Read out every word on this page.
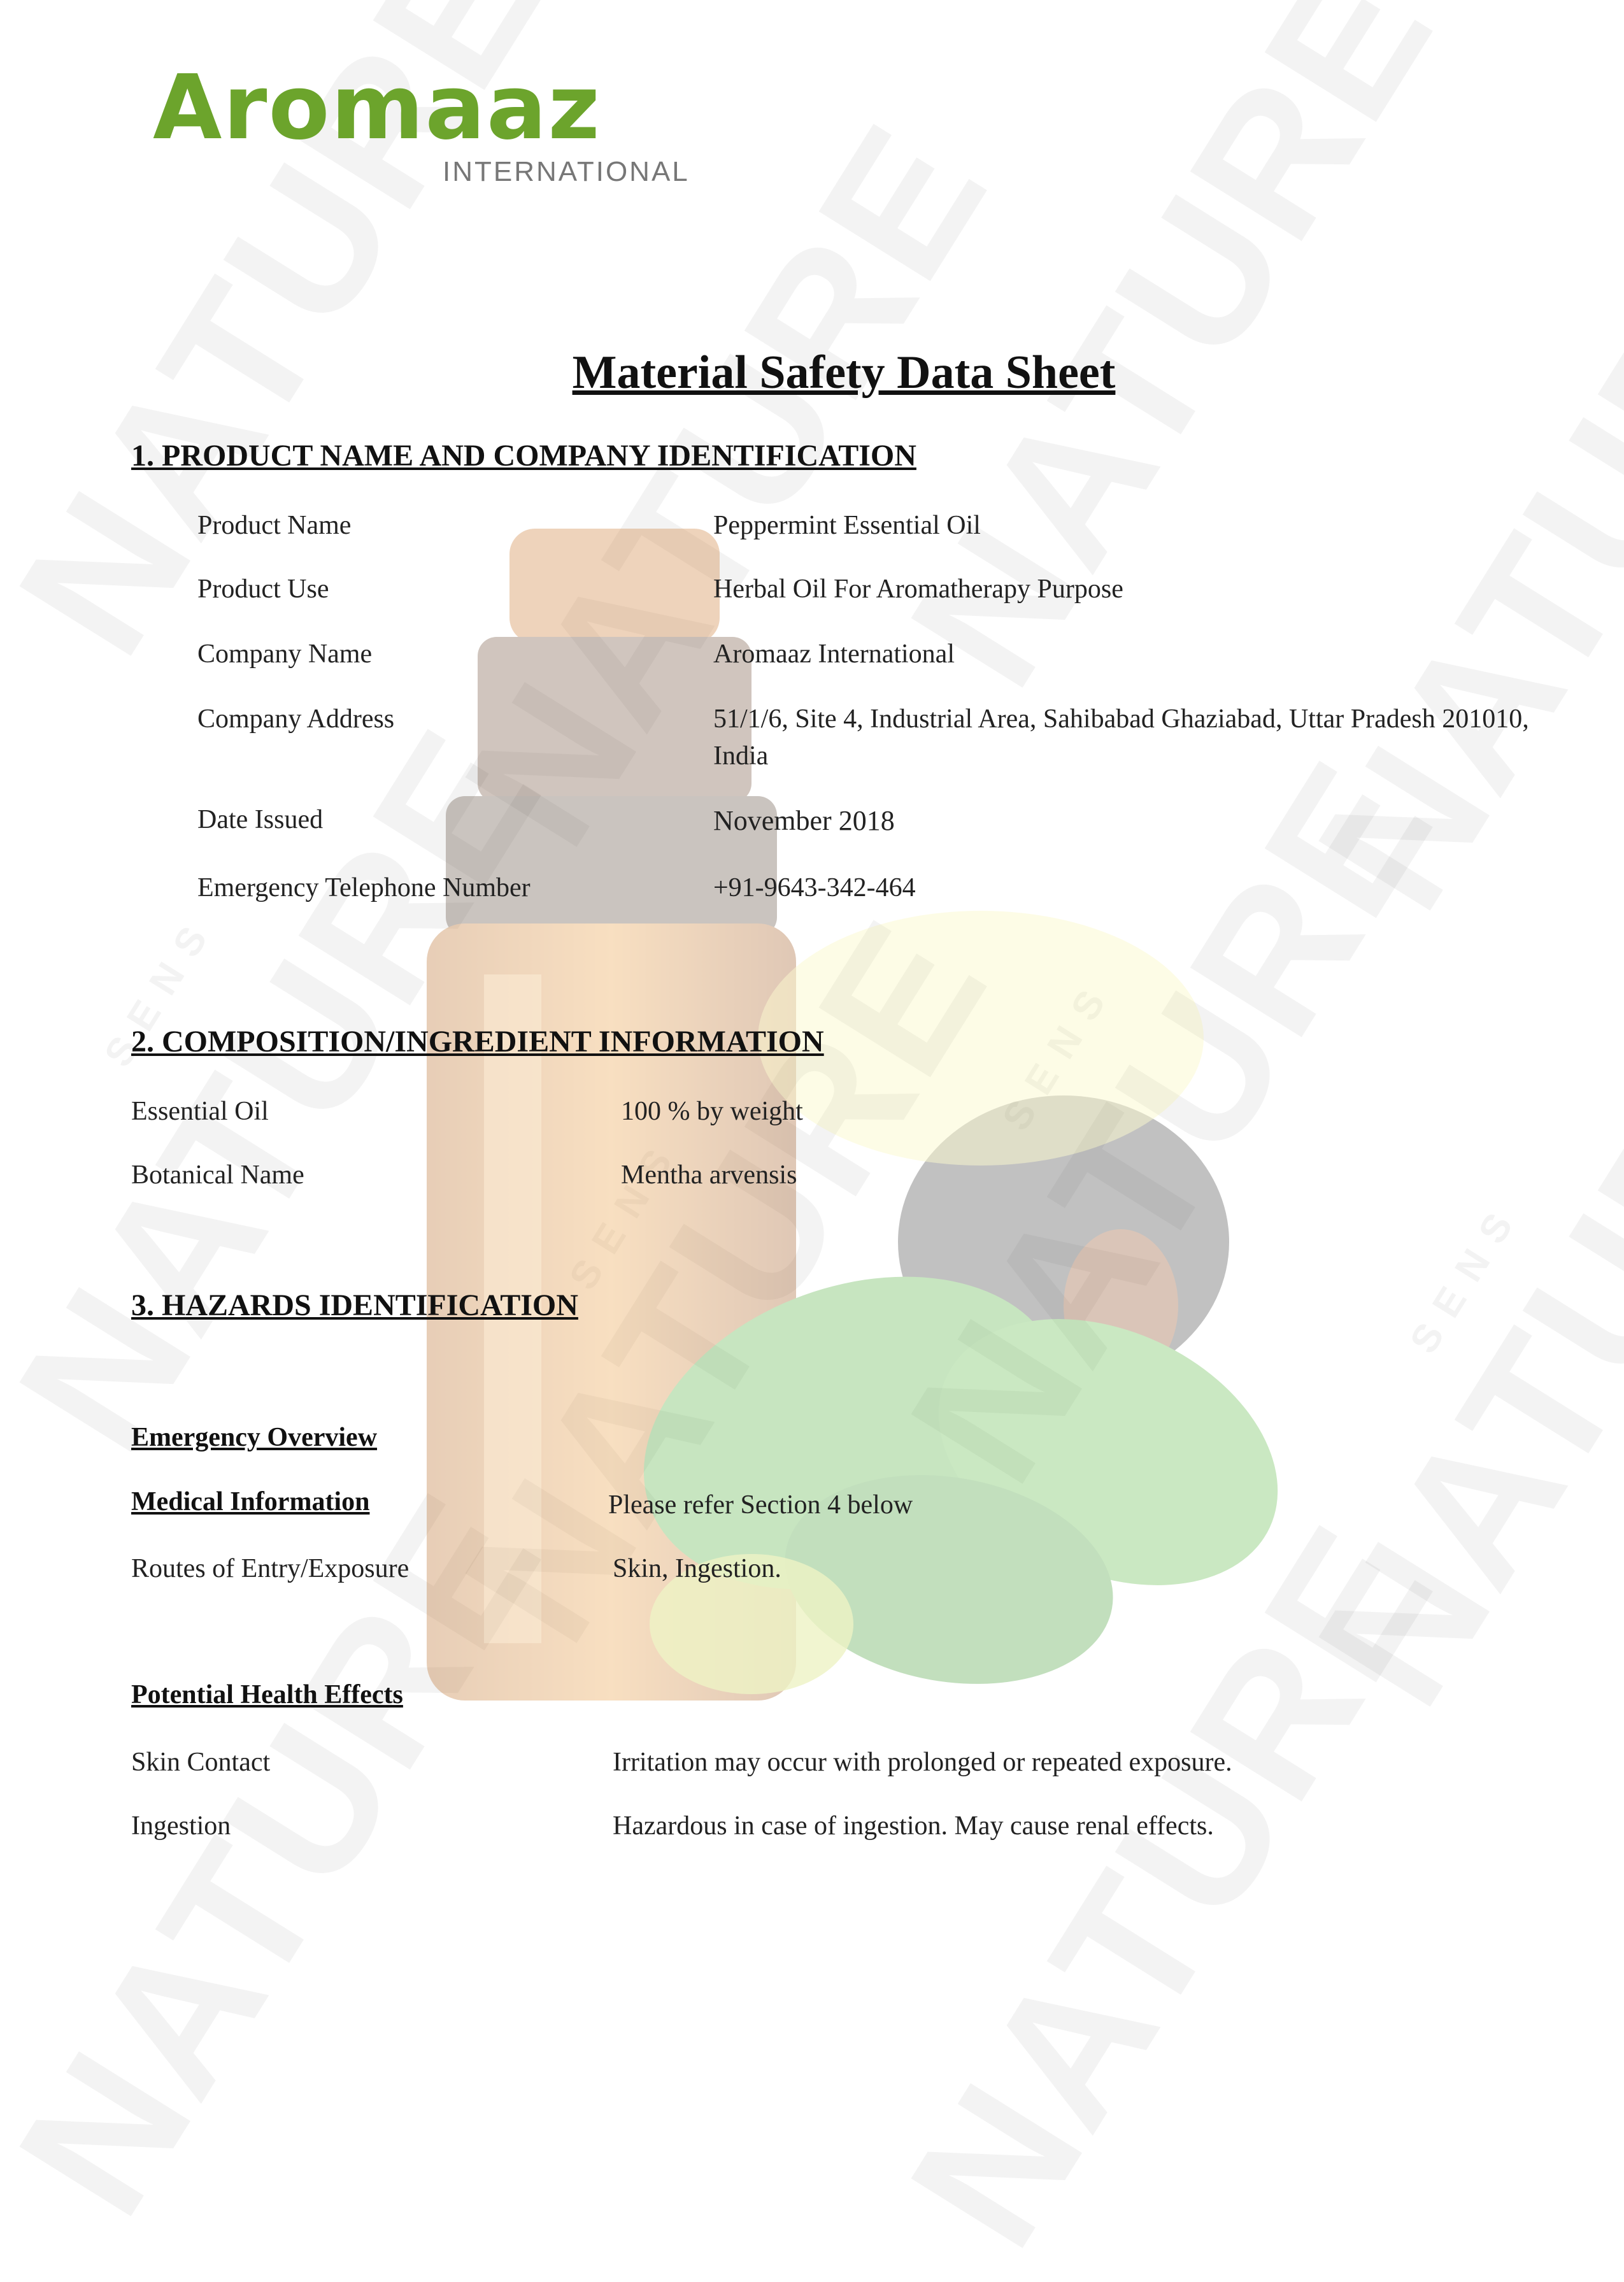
Aromaaz
INTERNATIONAL
Material Safety Data Sheet
1. PRODUCT NAME AND COMPANY IDENTIFICATION
Product Name	Peppermint Essential Oil
Product Use	Herbal Oil For Aromatherapy Purpose
Company Name	Aromaaz International
Company Address	51/1/6, Site 4, Industrial Area, Sahibabad Ghaziabad, Uttar Pradesh 201010, India
Date Issued	November 2018
Emergency Telephone Number	+91-9643-342-464
2. COMPOSITION/INGREDIENT INFORMATION
Essential Oil	100 % by weight
Botanical Name	Mentha arvensis
3. HAZARDS IDENTIFICATION
Emergency Overview
Medical Information	Please refer Section 4 below
Routes of Entry/Exposure	Skin, Ingestion.
Potential Health Effects
Skin Contact	Irritation may occur with prolonged or repeated exposure.
Ingestion	Hazardous in case of ingestion. May cause renal effects.
